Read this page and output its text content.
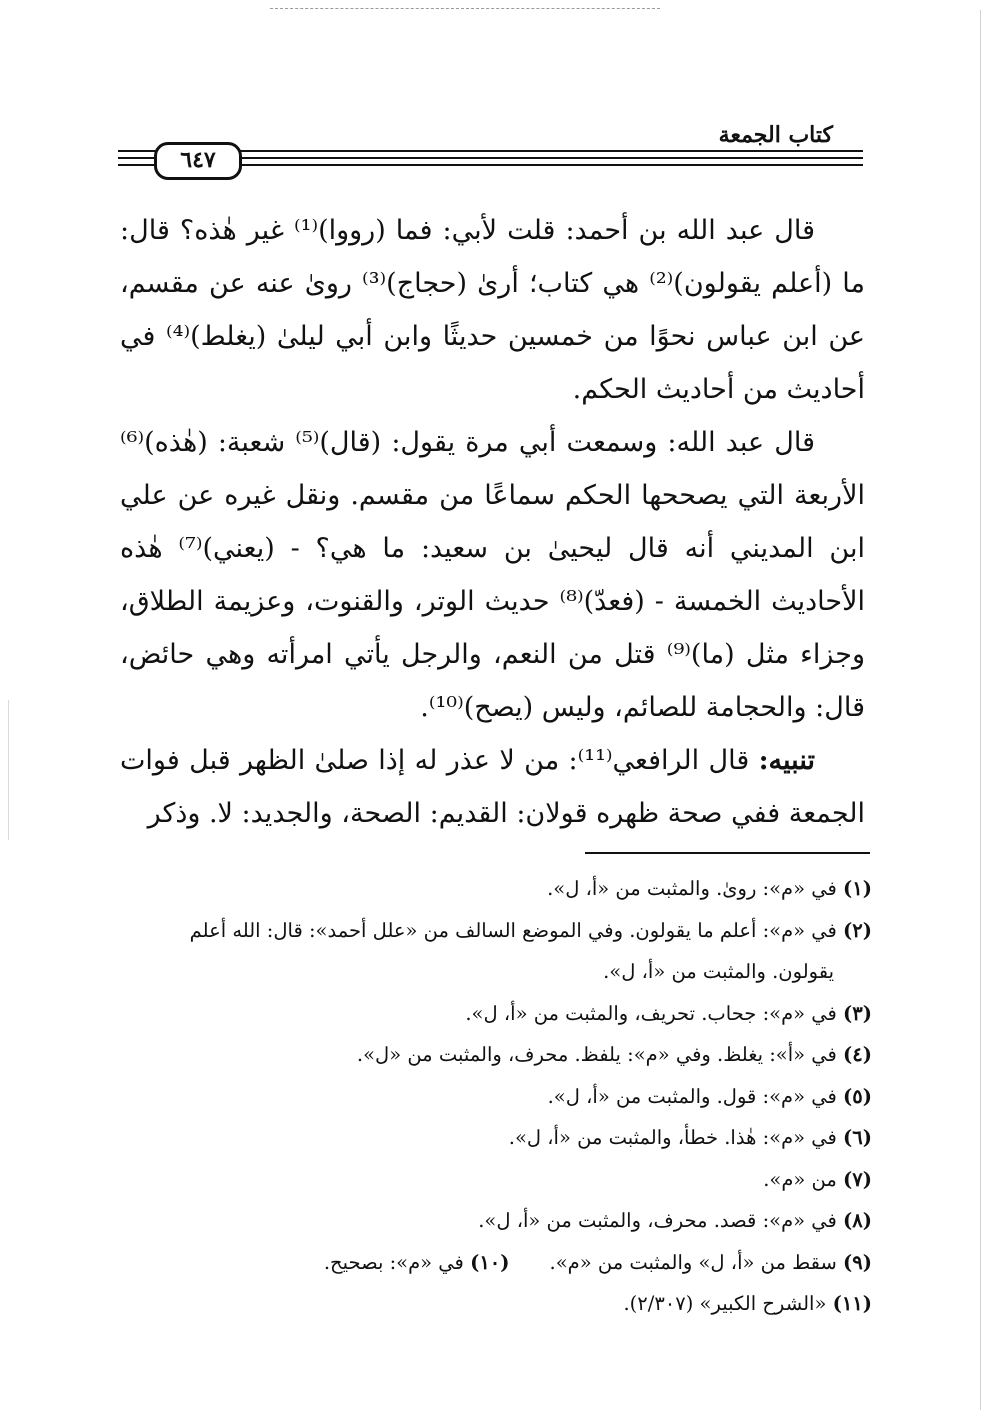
كتاب الجمعة
٦٤٧

قال عبد الله بن أحمد: قلت لأبي: فما (رووا)⁽¹⁾ غير هٰذه؟ قال: ما (أعلم يقولون)⁽²⁾ هي كتاب؛ أرىٰ (حجاج)⁽³⁾ روىٰ عنه عن مقسم، عن ابن عباس نحوًا من خمسين حديثًا وابن أبي ليلىٰ (يغلط)⁽⁴⁾ في أحاديث من أحاديث الحكم.

قال عبد الله: وسمعت أبي مرة يقول: (قال)⁽⁵⁾ شعبة: (هٰذه)⁽⁶⁾ الأربعة التي يصححها الحكم سماعًا من مقسم. ونقل غيره عن علي ابن المديني أنه قال ليحيىٰ بن سعيد: ما هي؟ - (يعني)⁽⁷⁾ هٰذه الأحاديث الخمسة - (فعدّ)⁽⁸⁾ حديث الوتر، والقنوت، وعزيمة الطلاق، وجزاء مثل (ما)⁽⁹⁾ قتل من النعم، والرجل يأتي امرأته وهي حائض، قال: والحجامة للصائم، وليس (يصح)⁽¹⁰⁾.

تنبيه: قال الرافعي⁽¹¹⁾: من لا عذر له إذا صلىٰ الظهر قبل فوات الجمعة ففي صحة ظهره قولان: القديم: الصحة، والجديد: لا. وذكر

(١) في «م»: روىٰ. والمثبت من «أ، ل».

(٢) في «م»: أعلم ما يقولون. وفي الموضع السالف من «علل أحمد»: قال: الله أعلم

يقولون. والمثبت من «أ، ل».

(٣) في «م»: جحاب. تحريف، والمثبت من «أ، ل».

(٤) في «أ»: يغلظ. وفي «م»: يلفظ. محرف، والمثبت من «ل».

(٥) في «م»: قول. والمثبت من «أ، ل».

(٦) في «م»: هٰذا. خطأ، والمثبت من «أ، ل».

(٧) من «م».

(٨) في «م»: قصد. محرف، والمثبت من «أ، ل».

(٩) سقط من «أ، ل» والمثبت من «م».(١٠) في «م»: بصحيح.

(١١) «الشرح الكبير» (٢/٣٠٧).
